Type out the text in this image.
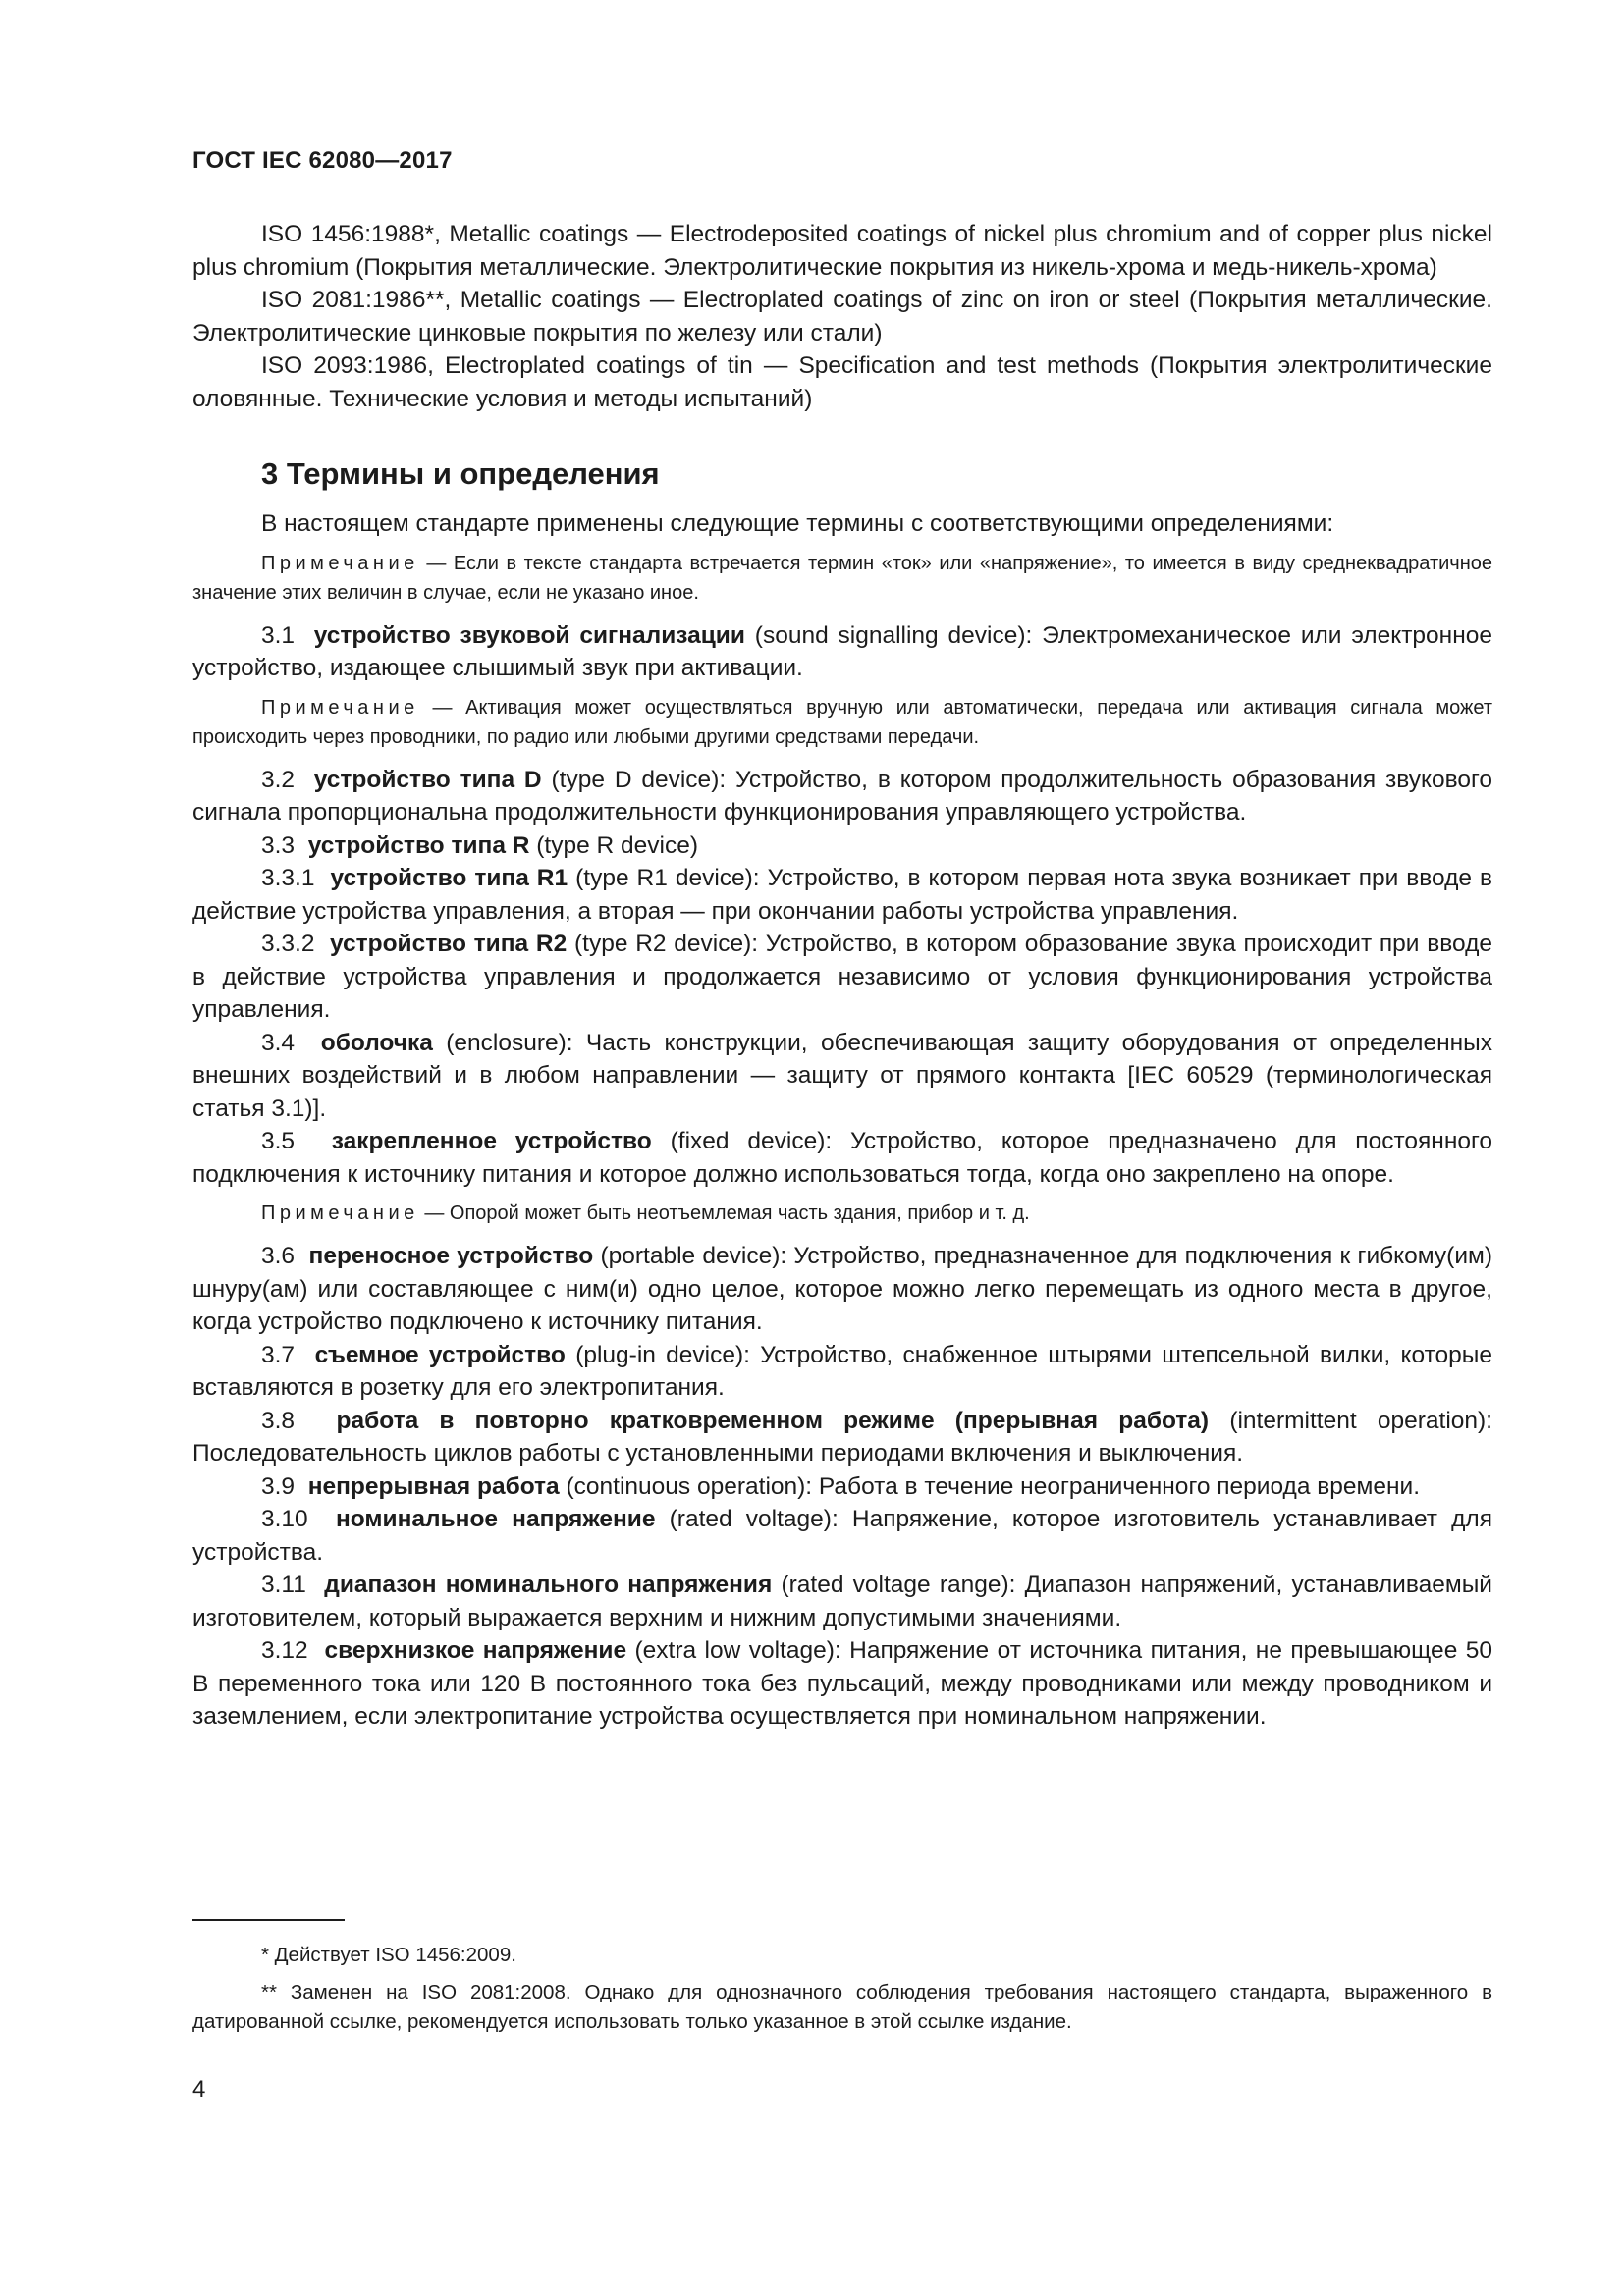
ГОСТ IEC 62080—2017

ISO 1456:1988*, Metallic coatings — Electrodeposited coatings of nickel plus chromium and of copper plus nickel plus chromium (Покрытия металлические. Электролитические покрытия из никель-хрома и медь-никель-хрома)

ISO 2081:1986**, Metallic coatings — Electroplated coatings of zinc on iron or steel (Покрытия металлические. Электролитические цинковые покрытия по железу или стали)

ISO 2093:1986, Electroplated coatings of tin — Specification and test methods (Покрытия электролитические оловянные. Технические условия и методы испытаний)

3 Термины и определения

В настоящем стандарте применены следующие термины с соответствующими определениями:

Примечание — Если в тексте стандарта встречается термин «ток» или «напряжение», то имеется в виду среднеквадратичное значение этих величин в случае, если не указано иное.

3.1 устройство звуковой сигнализации (sound signalling device): Электромеханическое или электронное устройство, издающее слышимый звук при активации.

Примечание — Активация может осуществляться вручную или автоматически, передача или активация сигнала может происходить через проводники, по радио или любыми другими средствами передачи.

3.2 устройство типа D (type D device): Устройство, в котором продолжительность образования звукового сигнала пропорциональна продолжительности функционирования управляющего устройства.

3.3 устройство типа R (type R device)

3.3.1 устройство типа R1 (type R1 device): Устройство, в котором первая нота звука возникает при вводе в действие устройства управления, а вторая — при окончании работы устройства управления.

3.3.2 устройство типа R2 (type R2 device): Устройство, в котором образование звука происходит при вводе в действие устройства управления и продолжается независимо от условия функционирования устройства управления.

3.4 оболочка (enclosure): Часть конструкции, обеспечивающая защиту оборудования от определенных внешних воздействий и в любом направлении — защиту от прямого контакта [IEC 60529 (терминологическая статья 3.1)].

3.5 закрепленное устройство (fixed device): Устройство, которое предназначено для постоянного подключения к источнику питания и которое должно использоваться тогда, когда оно закреплено на опоре.

Примечание — Опорой может быть неотъемлемая часть здания, прибор и т. д.

3.6 переносное устройство (portable device): Устройство, предназначенное для подключения к гибкому(им) шнуру(ам) или составляющее с ним(и) одно целое, которое можно легко перемещать из одного места в другое, когда устройство подключено к источнику питания.

3.7 съемное устройство (plug-in device): Устройство, снабженное штырями штепсельной вилки, которые вставляются в розетку для его электропитания.

3.8 работа в повторно кратковременном режиме (прерывная работа) (intermittent operation): Последовательность циклов работы с установленными периодами включения и выключения.

3.9 непрерывная работа (continuous operation): Работа в течение неограниченного периода времени.

3.10 номинальное напряжение (rated voltage): Напряжение, которое изготовитель устанавливает для устройства.

3.11 диапазон номинального напряжения (rated voltage range): Диапазон напряжений, устанавливаемый изготовителем, который выражается верхним и нижним допустимыми значениями.

3.12 сверхнизкое напряжение (extra low voltage): Напряжение от источника питания, не превышающее 50 В переменного тока или 120 В постоянного тока без пульсаций, между проводниками или между проводником и заземлением, если электропитание устройства осуществляется при номинальном напряжении.

* Действует ISO 1456:2009.
** Заменен на ISO 2081:2008. Однако для однозначного соблюдения требования настоящего стандарта, выраженного в датированной ссылке, рекомендуется использовать только указанное в этой ссылке издание.
4
